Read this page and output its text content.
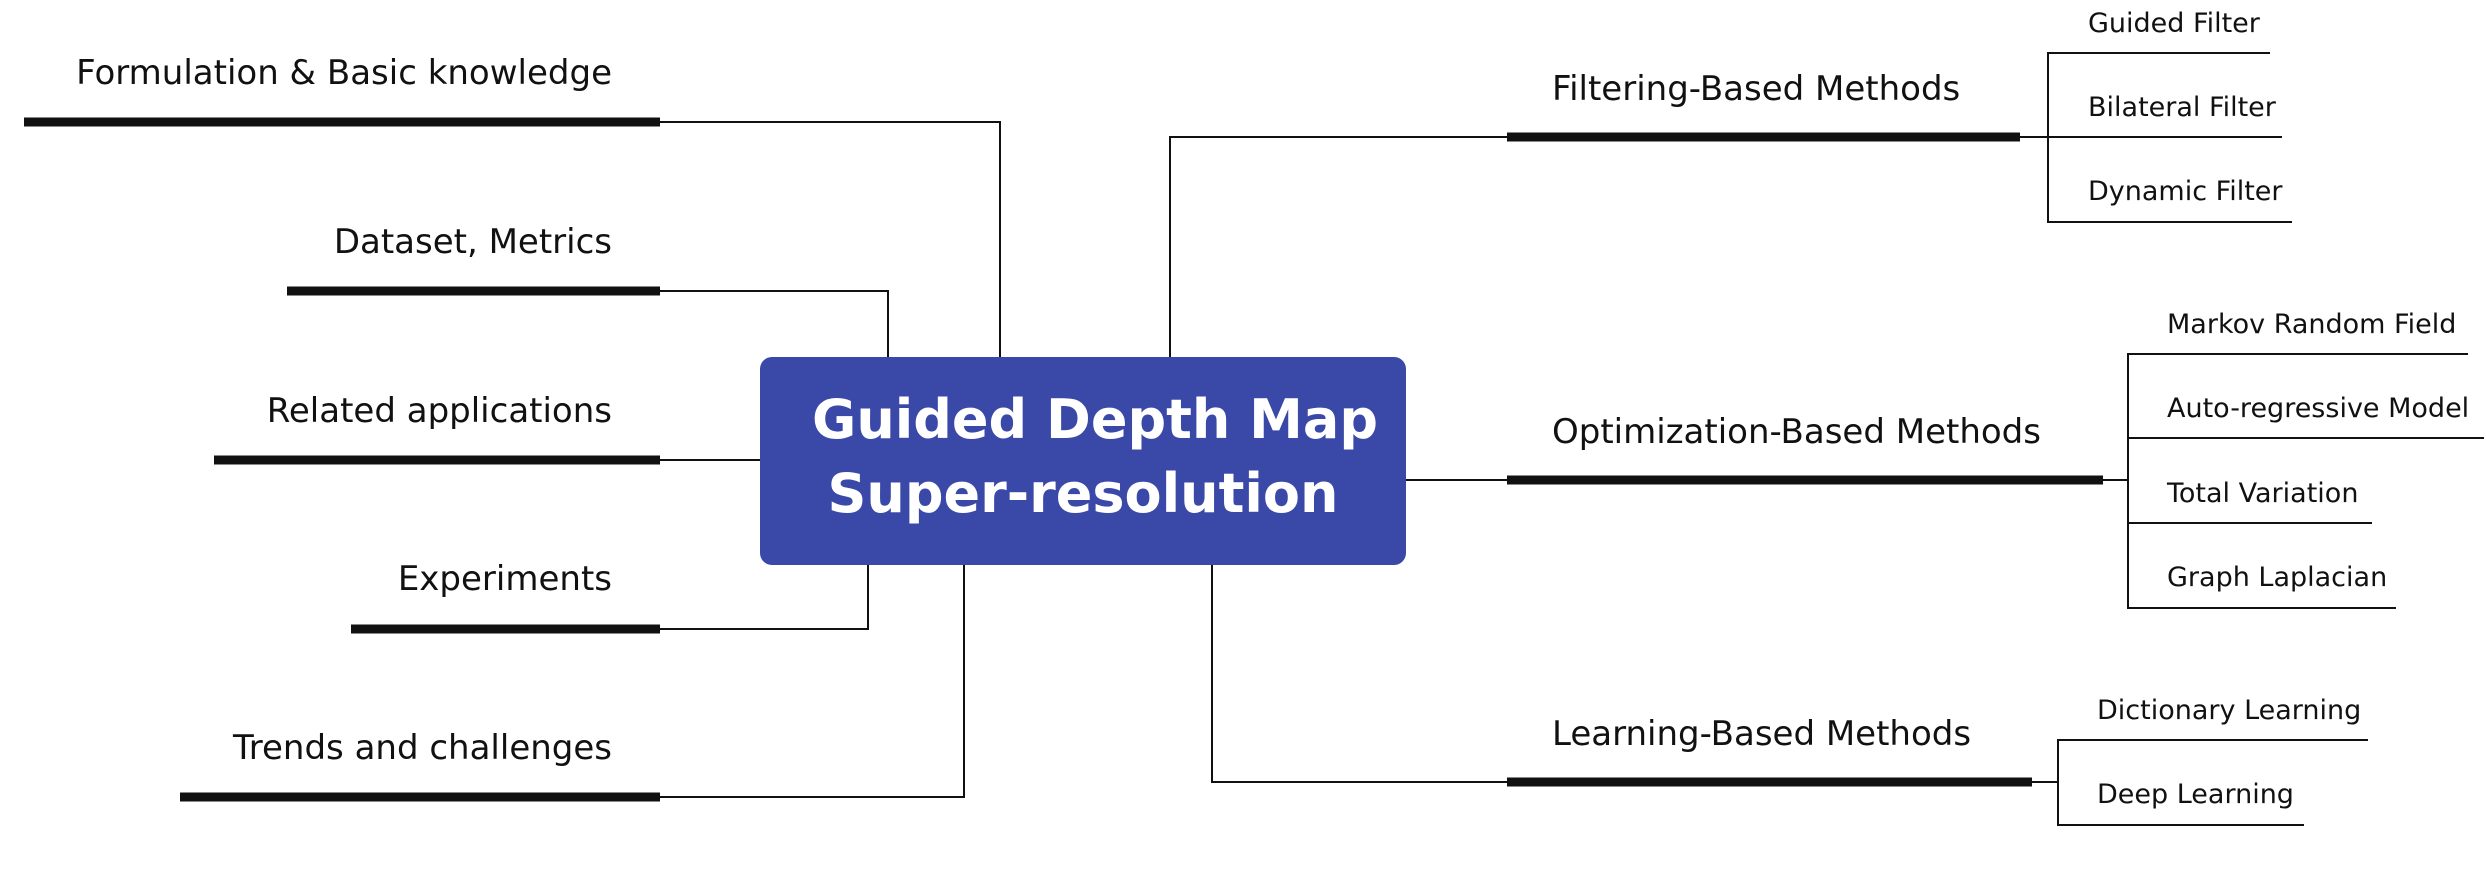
Guided Depth Map
Super-resolution
Formulation & Basic knowledge
Dataset, Metrics
Related applications
Experiments
Trends and challenges
Filtering-Based Methods
Optimization-Based Methods
Learning-Based Methods
Guided Filter
Bilateral Filter
Dynamic Filter
Markov Random Field
Auto-regressive Model
Total Variation
Graph Laplacian
Dictionary Learning
Deep Learning
